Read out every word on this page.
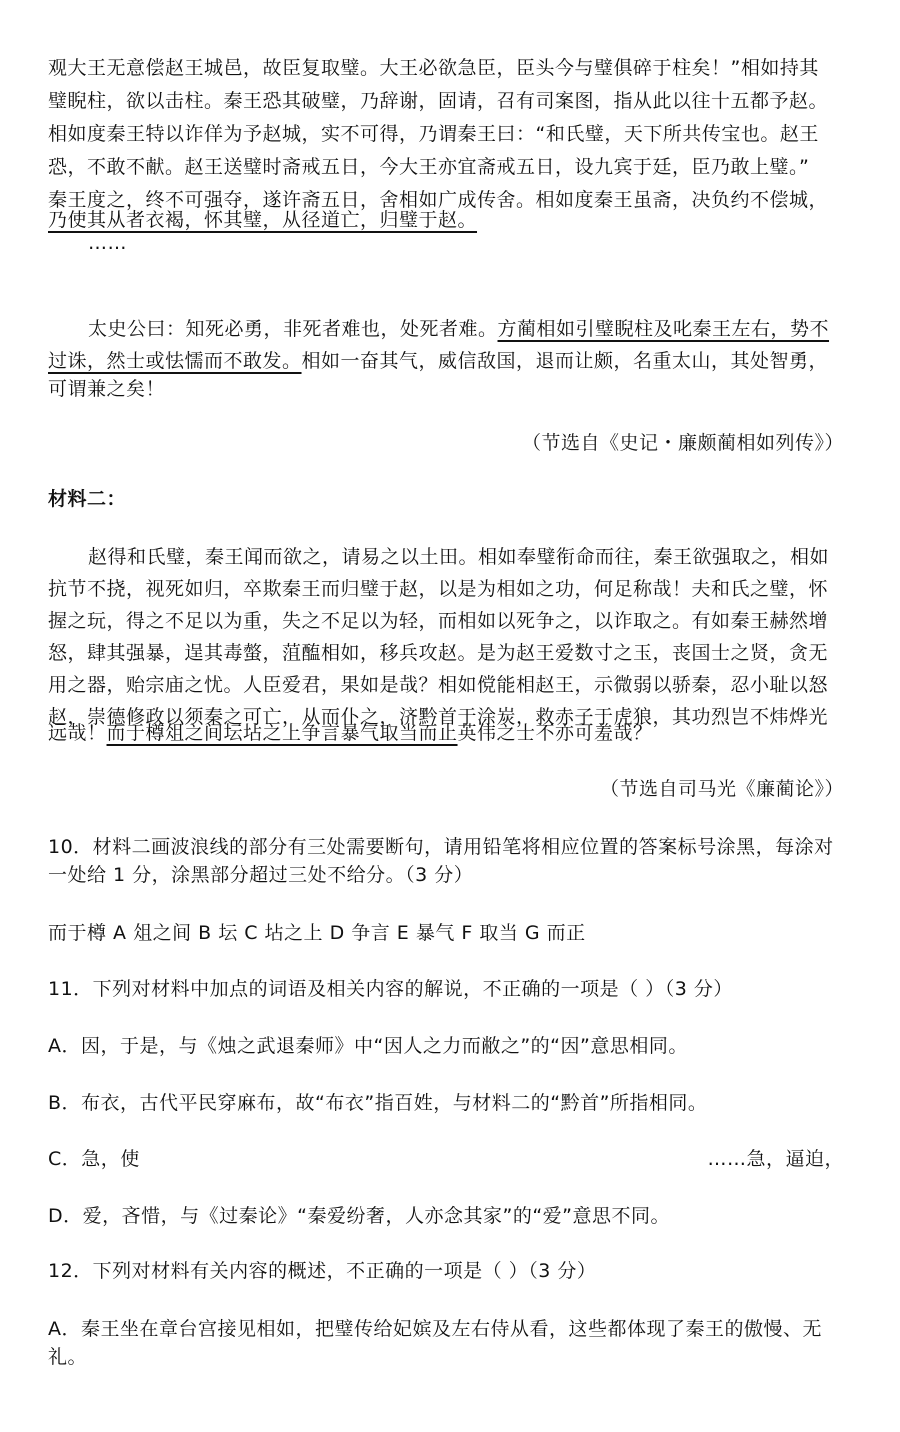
观大王无意偿赵王城邑，故臣复取璧。大王必欲急臣，臣头今与璧俱碎于柱矣！”相如持其
璧睨柱，欲以击柱。秦王恐其破璧，乃辞谢，固请，召有司案图，指从此以往十五都予赵。
相如度秦王特以诈佯为予赵城，实不可得，乃谓秦王曰：“和氏璧，天下所共传宝也。赵王
恐，不敢不献。赵王送璧时斋戒五日，今大王亦宜斋戒五日，设九宾于廷，臣乃敢上璧。”
秦王度之，终不可强夺，遂许斋五日，舍相如广成传舍。相如度秦王虽斋，决负约不偿城，
乃使其从者衣褐，怀其璧，从径道亡，归璧于赵。
……
太史公曰：知死必勇，非死者难也，处死者难。方蔺相如引璧睨柱及叱秦王左右，势不
过诛，然士或怯懦而不敢发。相如一奋其气，威信敌国，退而让颇，名重太山，其处智勇，
可谓兼之矣！
（节选自《史记・廉颇蔺相如列传》）
材料二：
赵得和氏璧，秦王闻而欲之，请易之以土田。相如奉璧衔命而往，秦王欲强取之，相如
抗节不挠，视死如归，卒欺秦王而归璧于赵，以是为相如之功，何足称哉！夫和氏之璧，怀
握之玩，得之不足以为重，失之不足以为轻，而相如以死争之，以诈取之。有如秦王赫然增
怒，肆其强暴，逞其毒螫，菹醢相如，移兵攻赵。是为赵王爱数寸之玉，丧国士之贤，贪无
用之器，贻宗庙之忧。人臣爱君，果如是哉？相如傥能相赵王，示微弱以骄秦，忍小耻以怒
赵，崇德修政以须秦之可亡，从而仆之，济黔首于涂炭，救赤子于虎狼，其功烈岂不炜烨光
远哉！而于樽俎之间坛坫之上争言暴气取当而止英伟之士不亦可羞哉？
（节选自司马光《廉蔺论》）
10．材料二画波浪线的部分有三处需要断句，请用铅笔将相应位置的答案标号涂黑，每涂对
一处给 1 分，涂黑部分超过三处不给分。（3 分）
而于樽 A 俎之间 B 坛 C 坫之上 D 争言 E 暴气 F 取当 G 而正
11．下列对材料中加点的词语及相关内容的解说，不正确的一项是（ ）（3 分）
A．因，于是，与《烛之武退秦师》中“因人之力而敝之”的“因”意思相同。
B．布衣，古代平民穿麻布，故“布衣”指百姓，与材料二的“黔首”所指相同。
C．急，使	……急，逼迫，
D．爱，吝惜，与《过秦论》“秦爱纷奢，人亦念其家”的“爱”意思不同。
12．下列对材料有关内容的概述，不正确的一项是（ ）（3 分）
A．秦王坐在章台宫接见相如，把璧传给妃嫔及左右侍从看，这些都体现了秦王的傲慢、无
礼。
